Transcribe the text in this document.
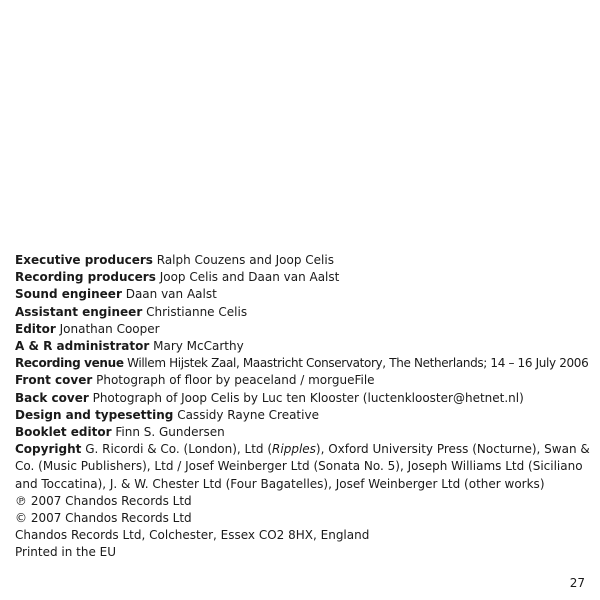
Executive producers Ralph Couzens and Joop Celis
Recording producers Joop Celis and Daan van Aalst
Sound engineer Daan van Aalst
Assistant engineer Christianne Celis
Editor Jonathan Cooper
A & R administrator Mary McCarthy
Recording venue Willem Hijstek Zaal, Maastricht Conservatory, The Netherlands; 14 – 16 July 2006
Front cover Photograph of floor by peaceland / morgueFile
Back cover Photograph of Joop Celis by Luc ten Klooster (luctenklooster@hetnet.nl)
Design and typesetting Cassidy Rayne Creative
Booklet editor Finn S. Gundersen
Copyright G. Ricordi & Co. (London), Ltd (Ripples), Oxford University Press (Nocturne), Swan & Co. (Music Publishers), Ltd / Josef Weinberger Ltd (Sonata No. 5), Joseph Williams Ltd (Siciliano and Toccatina), J. & W. Chester Ltd (Four Bagatelles), Josef Weinberger Ltd (other works)
℗ 2007 Chandos Records Ltd
© 2007 Chandos Records Ltd
Chandos Records Ltd, Colchester, Essex CO2 8HX, England
Printed in the EU
27
